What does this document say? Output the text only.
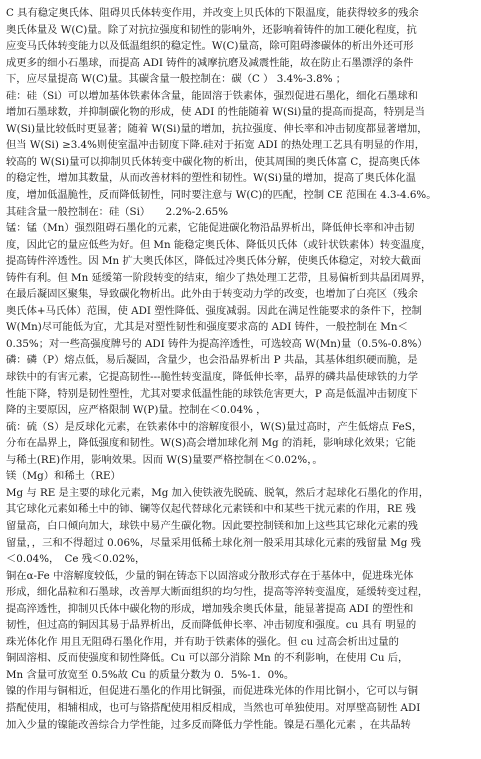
C 具有稳定奥氏体、阻碍贝氏体转变作用，并改变上贝氏体的下限温度，能获得较多的残余
奥氏体量及 W(C)量。除了对抗拉强度和韧性的影响外，还影响着铸件的加工硬化程度，抗
应变马氏体转变能力以及低温组织的稳定性。W(C)量高，除可阻碍渗碳体的析出外还可形
成更多的细小石墨球，而提高 ADI 铸件的减摩抗磨及减震性能，故在防止石墨漂浮的条件
下，应尽量提高 W(C)量。其碳含量一般控制在：碳（C ） 3.4%-3.8% ；
硅：硅（Si）可以增加基体铁素体含量，能固溶于铁素体，强烈促进石墨化，细化石墨球和
增加石墨球数，并抑制碳化物的形成，使 ADI 的性能随着 W(Si)量的提高而提高，特别是当
W(Si)量比较低时更显著；随着 W(Si)量的增加，抗拉强度、伸长率和冲击韧度都显著增加，
但当 W(Si) ≥3.4%则使室温冲击韧度下降.硅对于拓宽 ADI 的热处理工艺具有明显的作用，
较高的 W(Si)量可以抑制贝氏体转变中碳化物的析出，使其周围的奥氏体富 C，提高奥氏体
的稳定性，增加其数量，从而改善材料的塑性和韧性。W(Si)量的增加，提高了奥氏体化温
度，增加低温脆性，反而降低韧性，同时要注意与 W(C)的匹配，控制 CE 范围在 4.3-4.6%。
其硅含量一般控制在：硅（Si）　　2.2%-2.65%
锰：锰（Mn）强烈阻碍石墨化的元素，它能促进碳化物沿晶界析出，降低伸长率和冲击韧
度，因此它的量应低些为好。但 Mn 能稳定奥氏体、降低贝氏体（或针状铁素体）转变温度，
提高铸件淬透性。因 Mn 扩大奥氏体区，降低过冷奥氏体分解，使奥氏体稳定，对较大截面
铸件有利。但 Mn 延缓第一阶段转变的结束，缩少了热处理工艺带，且易偏析到共晶团周界，
在最后凝固区聚集，导致碳化物析出。此外由于转变动力学的改变，也增加了白亮区（残余
奥氏体+马氏体）范围，使 ADI 塑性降低、强度减弱。因此在满足性能要求的条件下，控制
W(Mn)尽可能低为宜，尤其是对塑性韧性和强度要求高的 ADI 铸件，一般控制在 Mn＜
0.35%；对一些高强度牌号的 ADI 铸件为提高淬透性，可选较高 W(Mn)量（0.5%-0.8%）
磷：磷（P）熔点低，易后凝固，含量少，也会沿晶界析出 P 共晶，其基体组织硬而脆，是
球铁中的有害元素，它提高韧性---脆性转变温度，降低伸长率，晶界的磷共晶使球铁的力学
性能下降，特别是韧性塑性，尤其对要求低温性能的球铁危害更大，P 高是低温冲击韧度下
降的主要原因，应严格限制 W(P)量。控制在＜0.04% ，
硫：硫（S）是反球化元素，在铁素体中的溶解度很小，W(S)量过高时，产生低熔点 FeS，
分布在晶界上，降低强度和韧性。W(S)高会增加球化剂 Mg 的消耗，影响球化效果；它能
与稀土(RE)作用，影响效果。因而 W(S)量要严格控制在＜0.02%，。
镁（Mg）和稀土（RE）
Mg 与 RE 是主要的球化元素，Mg 加入使铁液先脱硫、脱氧，然后才起球化石墨化的作用，
其它球化元素如稀土中的铈、镧等仅起代替球化元素镁和中和某些干扰元素的作用，RE 残
留量高，白口倾向加大，球铁中易产生碳化物。因此要控制镁和加上这些其它球化元素的残
留量，，三和不得超过 0.06%，尽量采用低稀土球化剂一般采用其球化元素的残留量 Mg 残
＜0.04%，　Ce 残＜0.02%，
铜在α-Fe 中溶解度较低，少量的铜在铸态下以固溶或分散形式存在于基体中，促进珠光体
形成，细化晶粒和石墨球，改善厚大断面组织的均匀性，提高等淬转变温度，延缓转变过程，
提高淬透性，抑制贝氏体中碳化物的形成，增加残余奥氏体量，能显著提高 ADI 的塑性和
韧性，但过高的铜因其易于晶界析出，反而降低伸长率、冲击韧度和强度。cu 具有 明显的
珠光体化作 用且无阻碍石墨化作用，并有助于铁素体的强化。但 cu 过高会析出过量的
铜固溶相、反而使强度和韧性降低。Cu 可以部分消除 Mn 的不利影响，在使用 Cu 后，
Mn 含量可放宽至 0.5%故 Cu 的质量分数为 0．5%-1．0%。
镍的作用与铜相近，但促进石墨化的作用比铜强，而促进珠光体的作用比铜小，它可以与铜
搭配使用，相辅相成，也可与铬搭配使用相反相成，当然也可单独使用。对厚壁高韧性 ADI
加入少量的镍能改善综合力学性能，过多反而降低力学性能。镍是石墨化元素 ，在共晶转
